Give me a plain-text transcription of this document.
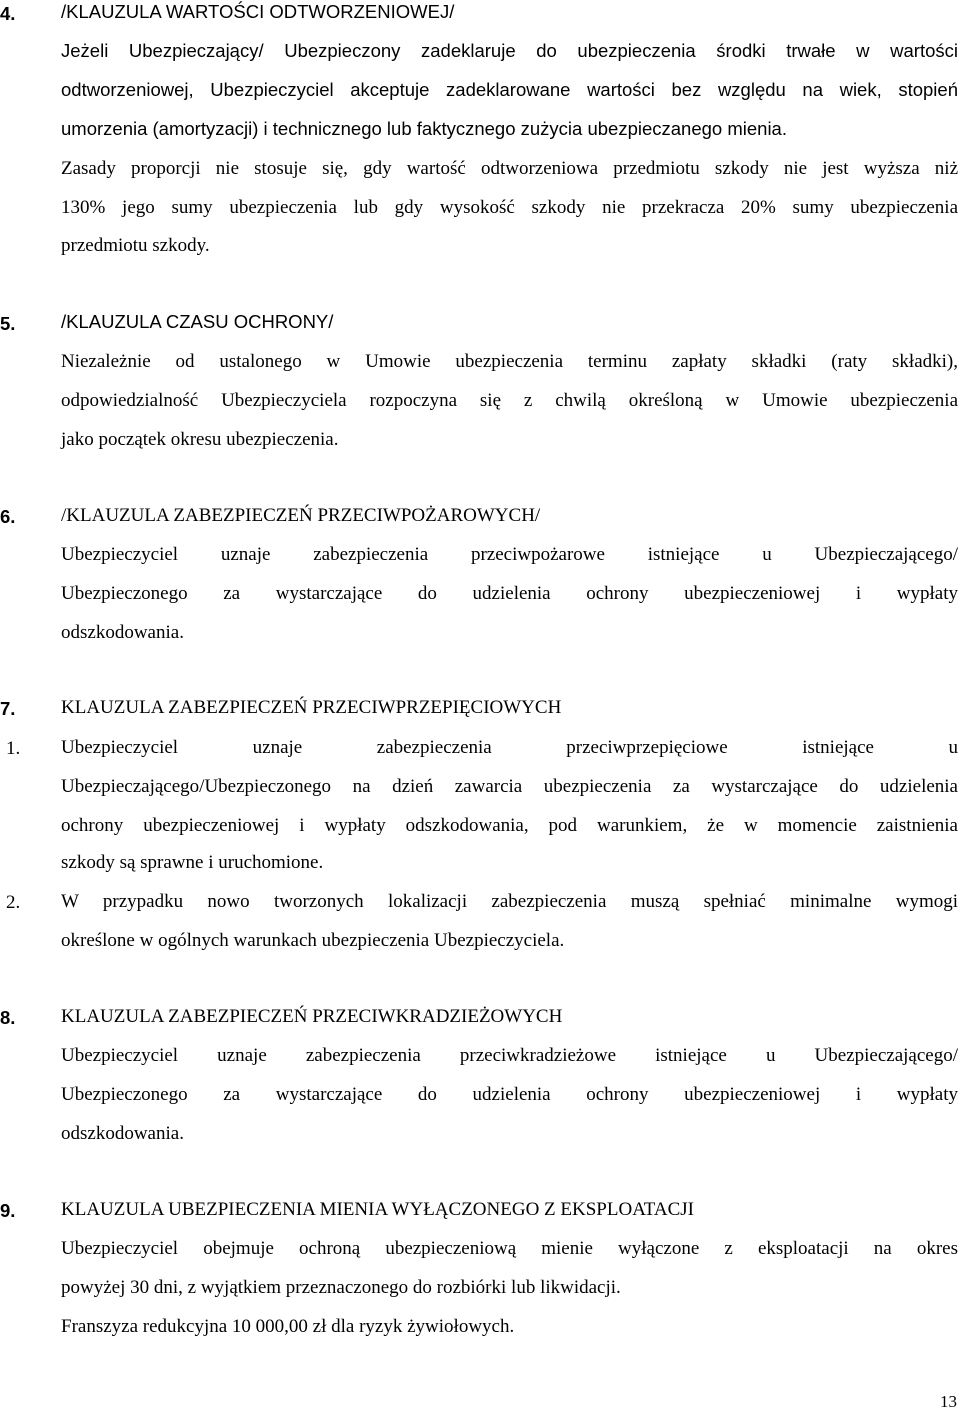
4. /KLAUZULA WARTOŚCI ODTWORZENIOWEJ/
Jeżeli Ubezpieczający/ Ubezpieczony zadeklaruje do ubezpieczenia środki trwałe w wartości
odtworzeniowej, Ubezpieczyciel akceptuje zadeklarowane wartości bez względu na wiek, stopień
umorzenia (amortyzacji) i technicznego lub faktycznego zużycia ubezpieczanego mienia.
Zasady proporcji nie stosuje się, gdy wartość odtworzeniowa przedmiotu szkody nie jest wyższa niż
130% jego sumy ubezpieczenia lub gdy wysokość szkody nie przekracza 20% sumy ubezpieczenia
przedmiotu szkody.
5. /KLAUZULA CZASU OCHRONY/
Niezależnie od ustalonego w Umowie ubezpieczenia terminu zapłaty składki (raty składki),
odpowiedzialność Ubezpieczyciela rozpoczyna się z chwilą określoną w Umowie ubezpieczenia
jako początek okresu ubezpieczenia.
6. /KLAUZULA ZABEZPIECZEŃ PRZECIWPOŻAROWYCH/
Ubezpieczyciel uznaje zabezpieczenia przeciwpożarowe istniejące u Ubezpieczającego/
Ubezpieczonego za wystarczające do udzielenia ochrony ubezpieczeniowej i wypłaty
odszkodowania.
7. KLAUZULA ZABEZPIECZEŃ PRZECIWPRZEPIĘCIOWYCH
1. Ubezpieczyciel uznaje zabezpieczenia przeciwprzepięciowe istniejące u
Ubezpieczającego/Ubezpieczonego na dzień zawarcia ubezpieczenia za wystarczające do udzielenia
ochrony ubezpieczeniowej i wypłaty odszkodowania, pod warunkiem, że w momencie zaistnienia
szkody są sprawne i uruchomione.
2. W przypadku nowo tworzonych lokalizacji zabezpieczenia muszą spełniać minimalne wymogi
określone w ogólnych warunkach ubezpieczenia Ubezpieczyciela.
8. KLAUZULA ZABEZPIECZEŃ PRZECIWKRADZIEŻOWYCH
Ubezpieczyciel uznaje zabezpieczenia przeciwkradzieżowe istniejące u Ubezpieczającego/
Ubezpieczonego za wystarczające do udzielenia ochrony ubezpieczeniowej i wypłaty
odszkodowania.
9. KLAUZULA UBEZPIECZENIA MIENIA WYŁĄCZONEGO Z EKSPLOATACJI
Ubezpieczyciel obejmuje ochroną ubezpieczeniową mienie wyłączone z eksploatacji na okres
powyżej 30 dni, z wyjątkiem przeznaczonego do rozbiórki lub likwidacji.
Franszyza redukcyjna 10 000,00 zł dla ryzyk żywiołowych.
13
